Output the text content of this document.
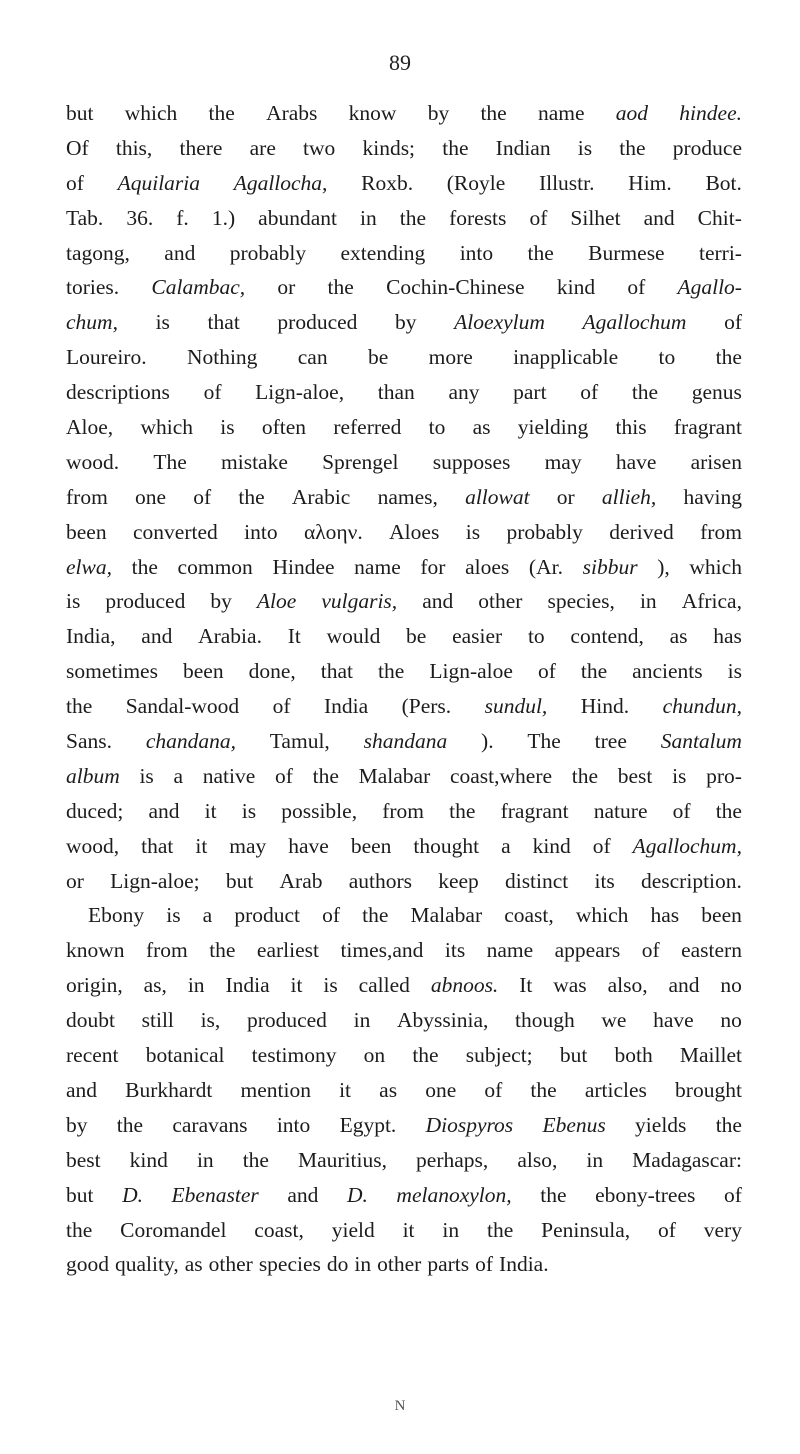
89
but which the Arabs know by the name aod hindee.
Of this, there are two kinds; the Indian is the produce
of Aquilaria Agallocha, Roxb. (Royle Illustr. Him. Bot.
Tab. 36. f. 1.) abundant in the forests of Silhet and Chit-
tagong, and probably extending into the Burmese terri-
tories. Calambac, or the Cochin-Chinese kind of Agallo-
chum, is that produced by Aloexylum Agallochum of
Loureiro. Nothing can be more inapplicable to the
descriptions of Lign-aloe, than any part of the genus
Aloe, which is often referred to as yielding this fragrant
wood. The mistake Sprengel supposes may have arisen
from one of the Arabic names, allowat or allieh, having
been converted into αλοην. Aloes is probably derived from
elwa, the common Hindee name for aloes (Ar. sibbur ), which
is produced by Aloe vulgaris, and other species, in Africa,
India, and Arabia. It would be easier to contend, as has
sometimes been done, that the Lign-aloe of the ancients is
the Sandal-wood of India (Pers. sundul, Hind. chundun,
Sans. chandana, Tamul, shandana ). The tree Santalum
album is a native of the Malabar coast,where the best is pro-
duced; and it is possible, from the fragrant nature of the
wood, that it may have been thought a kind of Agallochum,
or Lign-aloe; but Arab authors keep distinct its description.
Ebony is a product of the Malabar coast, which has been
known from the earliest times,and its name appears of eastern
origin, as, in India it is called abnoos. It was also, and no
doubt still is, produced in Abyssinia, though we have no
recent botanical testimony on the subject; but both Maillet
and Burkhardt mention it as one of the articles brought
by the caravans into Egypt. Diospyros Ebenus yields the
best kind in the Mauritius, perhaps, also, in Madagascar:
but D. Ebenaster and D. melanoxylon, the ebony-trees of
the Coromandel coast, yield it in the Peninsula, of very
good quality, as other species do in other parts of India.
N
